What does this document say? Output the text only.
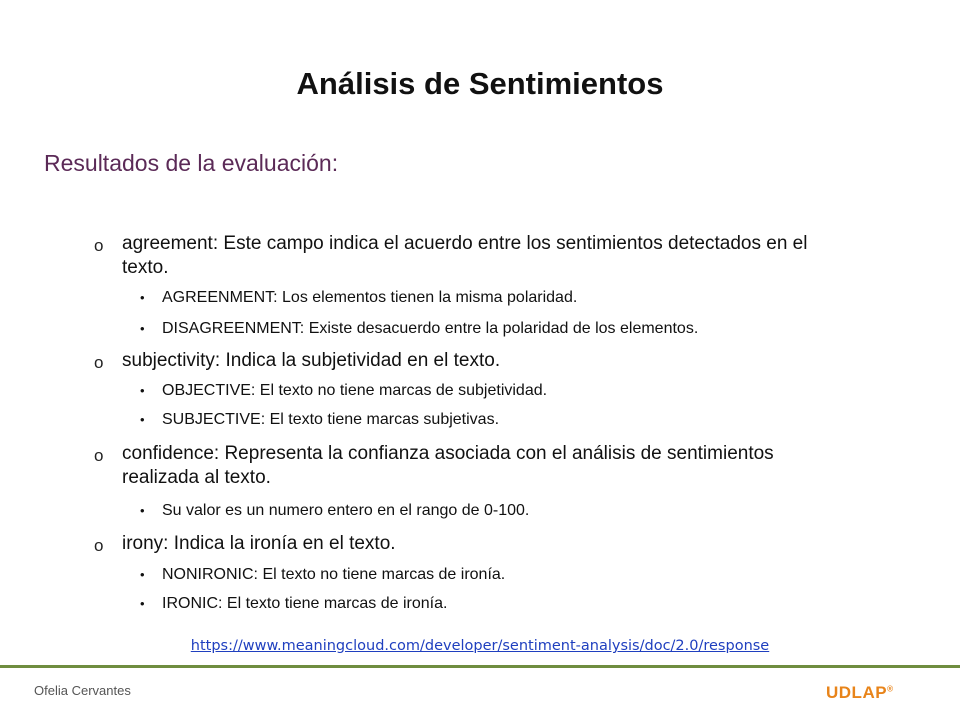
Análisis de Sentimientos
Resultados de la evaluación:
o agreement: Este campo indica el acuerdo entre los sentimientos detectados en el texto.
• AGREENMENT: Los elementos tienen la misma polaridad.
• DISAGREENMENT: Existe desacuerdo entre la polaridad de los elementos.
o subjectivity: Indica la subjetividad en el texto.
• OBJECTIVE: El texto no tiene marcas de subjetividad.
• SUBJECTIVE: El texto tiene marcas subjetivas.
o confidence: Representa la confianza asociada con el análisis de sentimientos realizada al texto.
• Su valor es un numero entero en el rango de 0-100.
o irony: Indica la ironía en el texto.
• NONIRONIC: El texto no tiene marcas de ironía.
• IRONIC: El texto tiene marcas de ironía.
https://www.meaningcloud.com/developer/sentiment-analysis/doc/2.0/response
Ofelia Cervantes	UDLAP®
